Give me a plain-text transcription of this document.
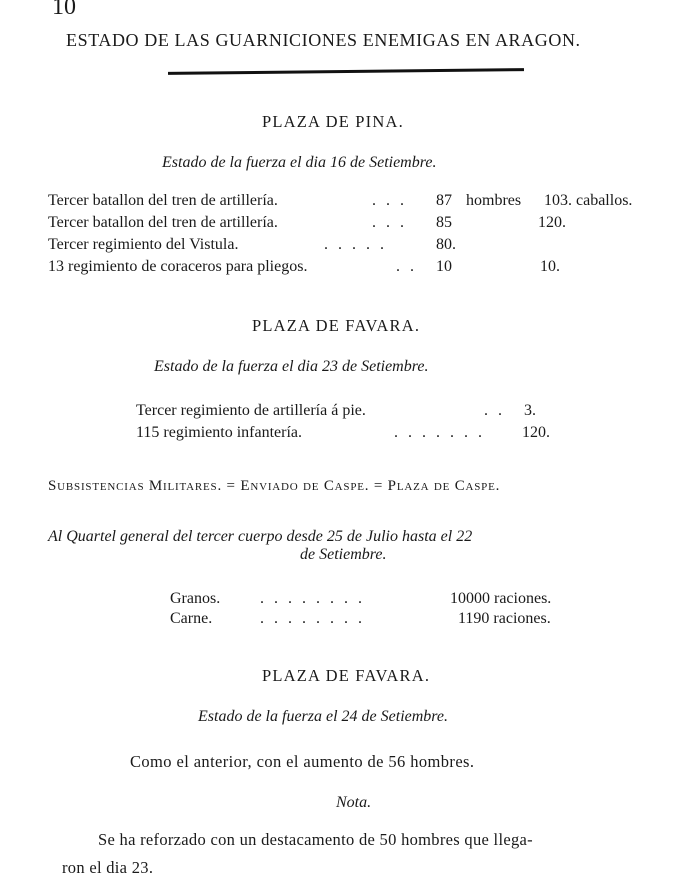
10
ESTADO DE LAS GUARNICIONES ENEMIGAS EN ARAGON.
PLAZA DE PINA.
Estado de la fuerza el dia 16 de Setiembre.
Tercer batallon del tren de artillería.	. . . 87 hombres 103. caballos.
Tercer batallon del tren de artillería.	. . . 85	120.
Tercer regimiento del Vistula.	. . . . .	80.
13 regimiento de coraceros para pliegos.	. . 10	10.
PLAZA DE FAVARA.
Estado de la fuerza el dia 23 de Setiembre.
Tercer regimiento de artillería á pie.	. . 3.
115 regimiento infantería.	. . . . . . . 120.
Subsistencias Militares. = Enviado de Caspe. = Plaza de Caspe.
Al Quartel general del tercer cuerpo desde 25 de Julio hasta el 22
de Setiembre.
Granos. . . . . . . . .	10000 raciones.
Carne.	. . . . . . . .	1190 raciones.
PLAZA DE FAVARA.
Estado de la fuerza el 24 de Setiembre.
Como el anterior, con el aumento de 56 hombres.
Nota.
Se ha reforzado con un destacamento de 50 hombres que llega-
ron el dia 23.
